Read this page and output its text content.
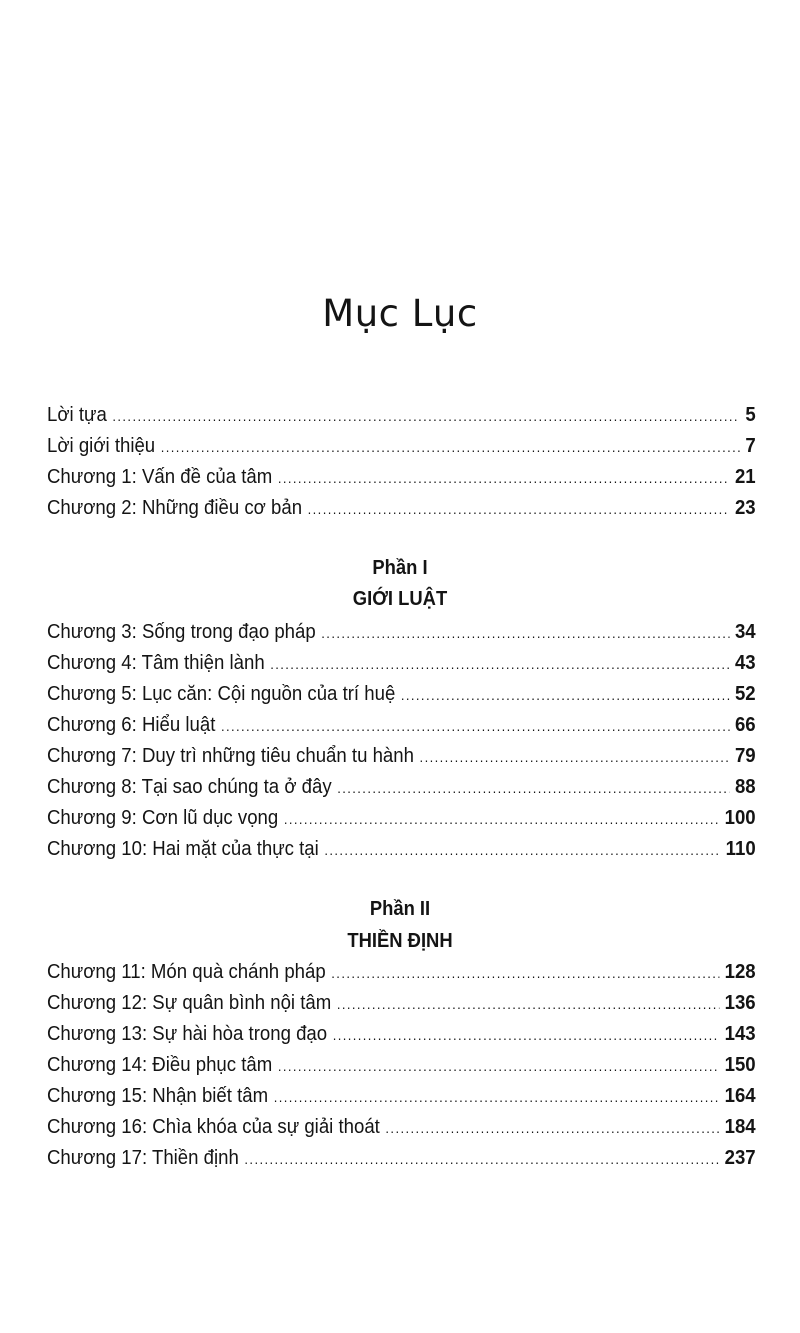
Mục Lục
Lời tựa .....	5
Lời giới thiệu .....	7
Chương 1: Vấn đề của tâm .....	21
Chương 2: Những điều cơ bản .....	23
Phần I
GIỚI LUẬT
Chương 3: Sống trong đạo pháp .....	34
Chương 4: Tâm thiện lành .....	43
Chương 5: Lục căn: Cội nguồn của trí huệ .....	52
Chương 6: Hiểu luật .....	66
Chương 7: Duy trì những tiêu chuẩn tu hành .....	79
Chương 8: Tại sao chúng ta ở đây .....	88
Chương 9: Cơn lũ dục vọng .....	100
Chương 10: Hai mặt của thực tại .....	110
Phần II
THIỀN ĐỊNH
Chương 11: Món quà chánh pháp .....	128
Chương 12: Sự quân bình nội tâm .....	136
Chương 13: Sự hài hòa trong đạo .....	143
Chương 14: Điều phục tâm .....	150
Chương 15: Nhận biết tâm .....	164
Chương 16: Chìa khóa của sự giải thoát .....	184
Chương 17: Thiền định .....	237
